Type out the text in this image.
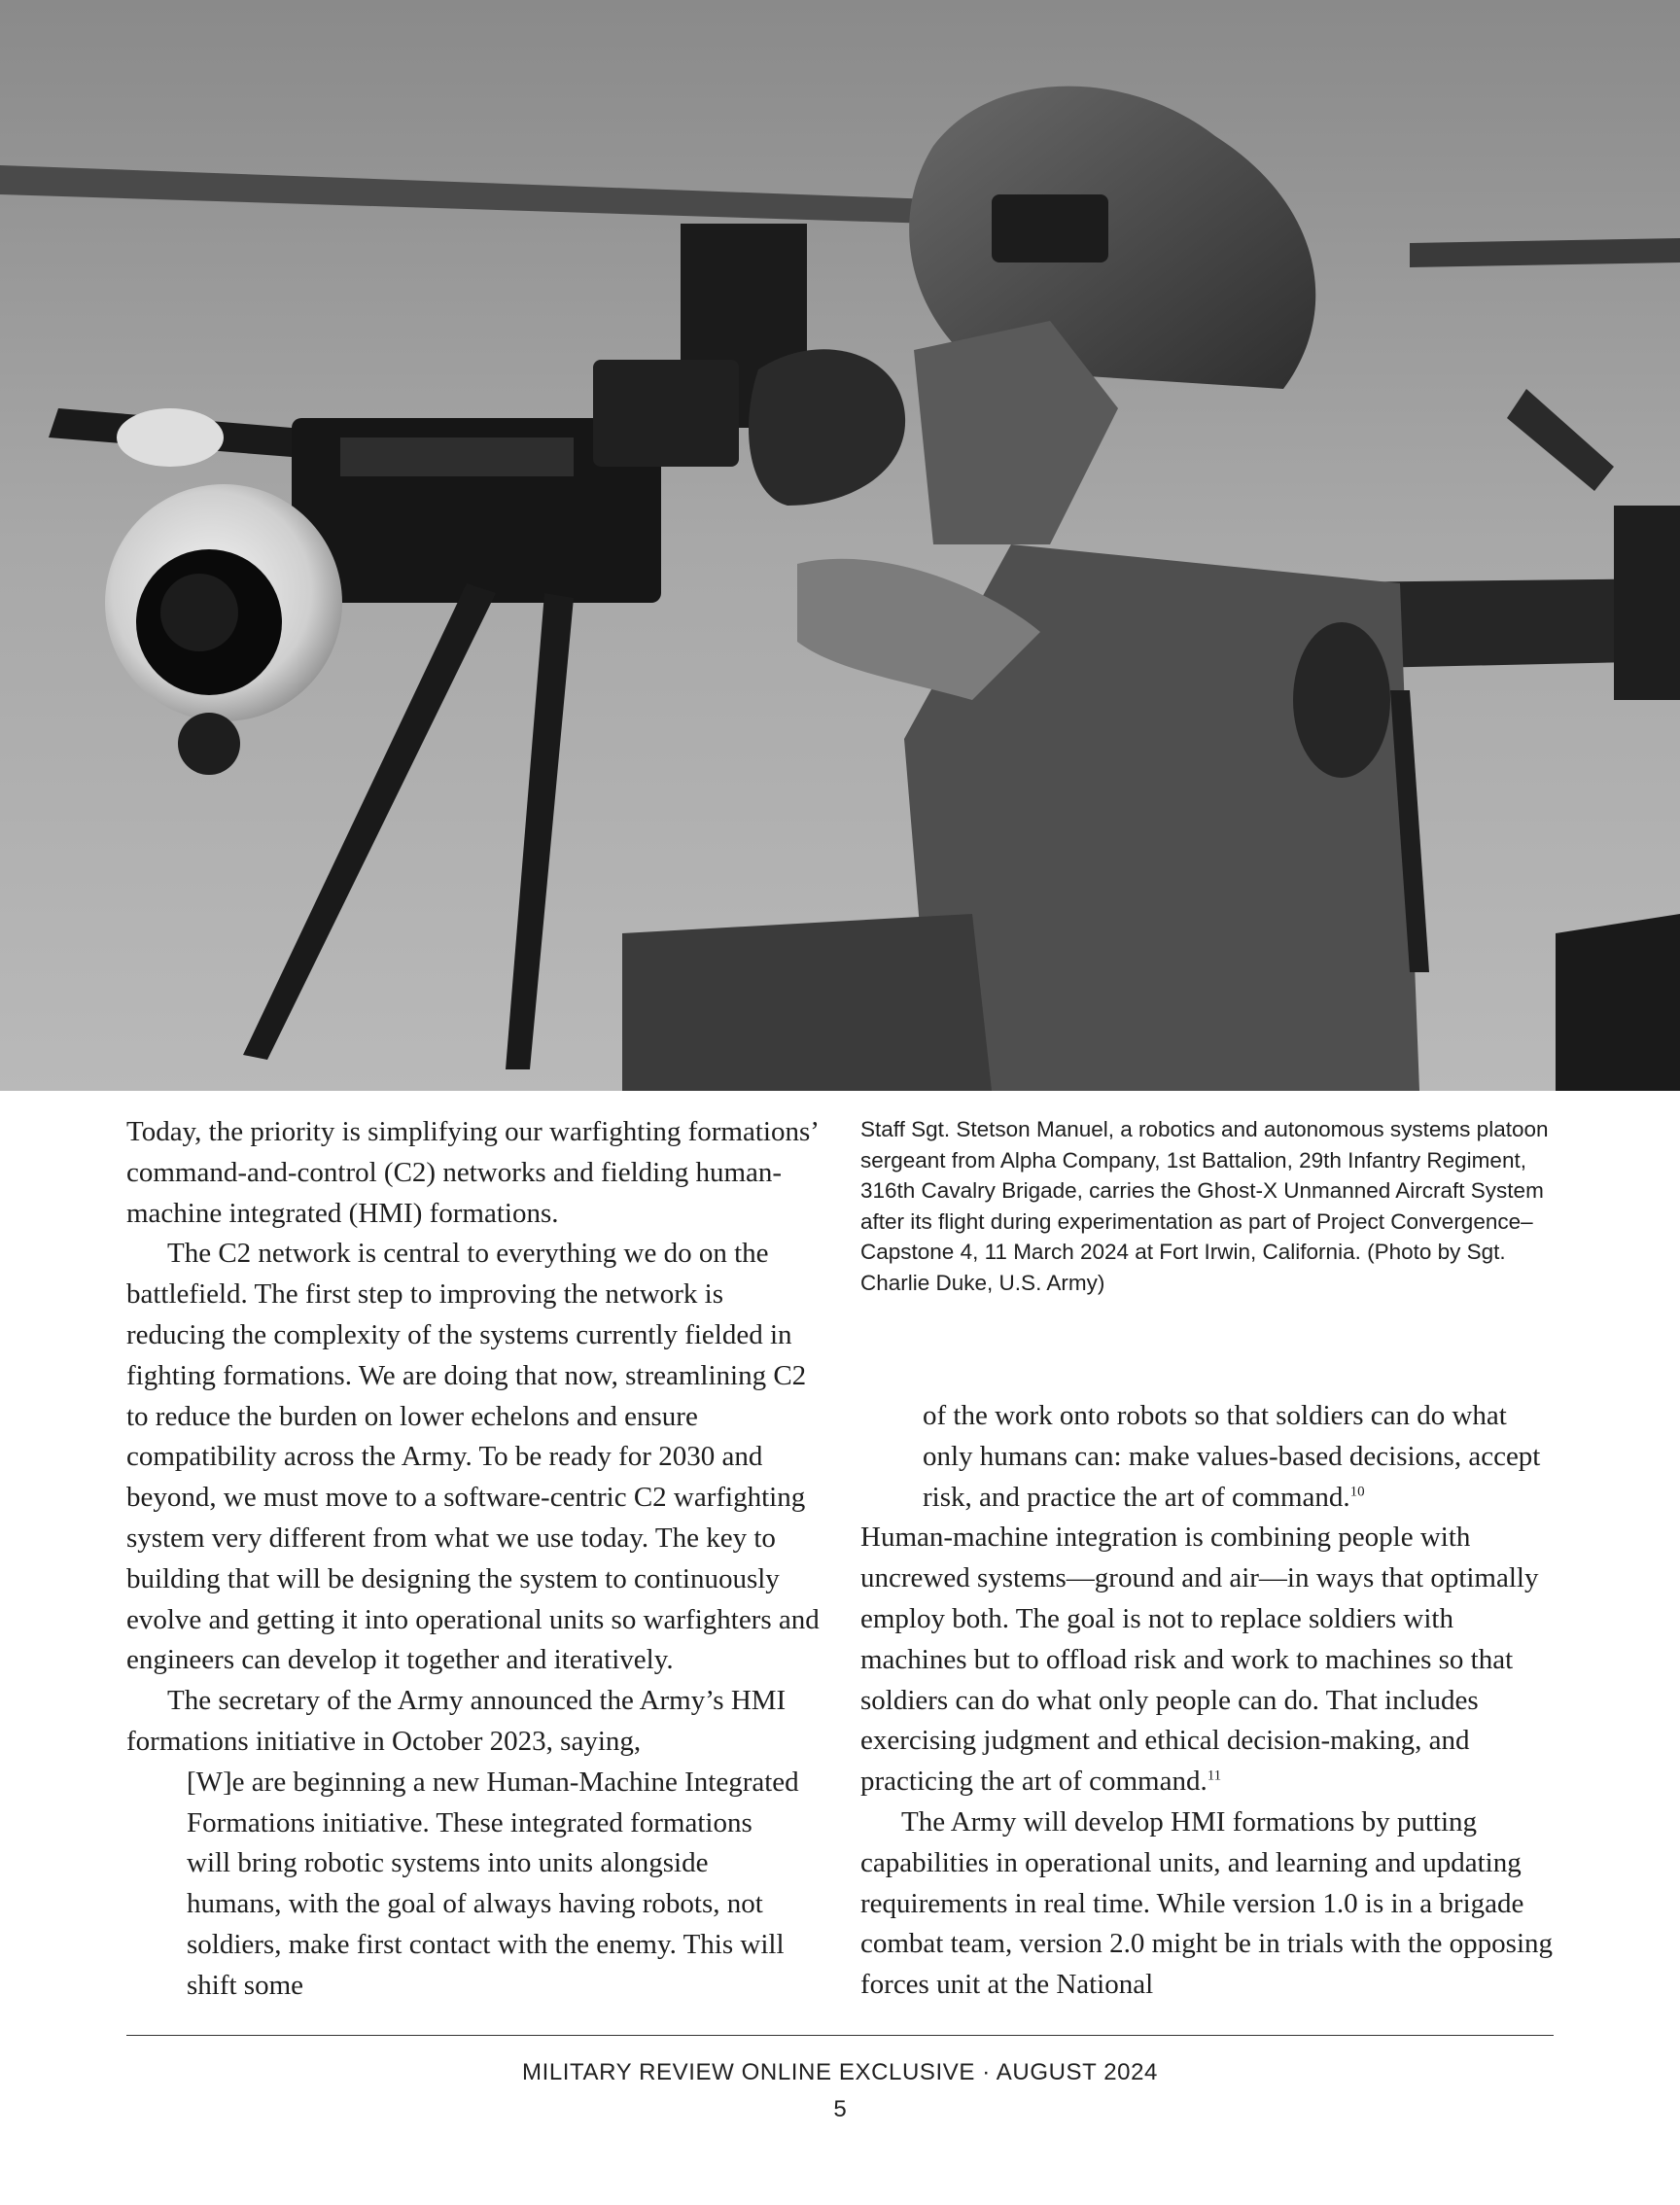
Today, the priority is simplifying our warfighting formations’ command-and-control (C2) networks and fielding human-machine integrated (HMI) formations.

The C2 network is central to everything we do on the battlefield. The first step to improving the network is reducing the complexity of the systems currently fielded in fighting formations. We are doing that now, streamlining C2 to reduce the burden on lower echelons and ensure compatibility across the Army. To be ready for 2030 and beyond, we must move to a software-centric C2 warfighting system very different from what we use today. The key to building that will be designing the system to continuously evolve and getting it into operational units so warfighters and engineers can develop it together and iteratively.

The secretary of the Army announced the Army’s HMI formations initiative in October 2023, saying,

[W]e are beginning a new Human-Machine Integrated Formations initiative. These integrated formations will bring robotic systems into units alongside humans, with the goal of always having robots, not soldiers, make first contact with the enemy. This will shift some

Staff Sgt. Stetson Manuel, a robotics and autonomous systems platoon sergeant from Alpha Company, 1st Battalion, 29th Infantry Regiment, 316th Cavalry Brigade, carries the Ghost-X Unmanned Aircraft System after its flight during experimentation as part of Project Convergence–Capstone 4, 11 March 2024 at Fort Irwin, California. (Photo by Sgt. Charlie Duke, U.S. Army)

of the work onto robots so that soldiers can do what only humans can: make values-based decisions, accept risk, and practice the art of command.$^{10}$

Human-machine integration is combining people with uncrewed systems—ground and air—in ways that optimally employ both. The goal is not to replace soldiers with machines but to offload risk and work to machines so that soldiers can do what only people can do. That includes exercising judgment and ethical decision-making, and practicing the art of command.$^{11}$

The Army will develop HMI formations by putting capabilities in operational units, and learning and updating requirements in real time. While version 1.0 is in a brigade combat team, version 2.0 might be in trials with the opposing forces unit at the National

MILITARY REVIEW ONLINE EXCLUSIVE · AUGUST 2024
5
